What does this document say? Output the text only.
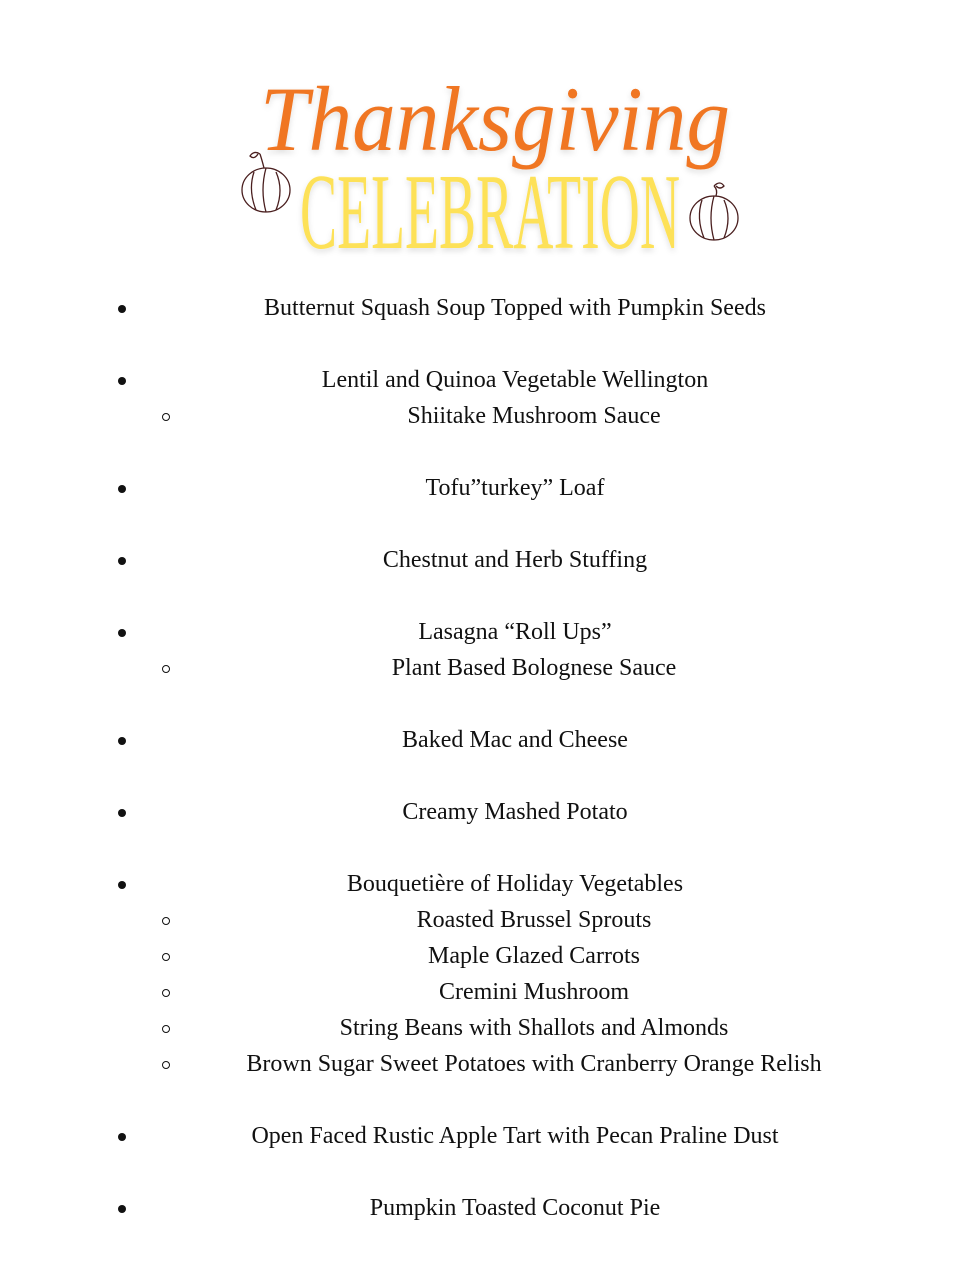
CELEBRATION
Thanksgiving
Butternut Squash Soup Topped with Pumpkin Seeds
Lentil and Quinoa Vegetable Wellington
Shiitake Mushroom Sauce
Tofu”turkey” Loaf
Chestnut and Herb Stuffing
Lasagna “Roll Ups”
Plant Based Bolognese Sauce
Baked Mac and Cheese
Creamy Mashed Potato
Bouquetière of Holiday Vegetables
Roasted Brussel Sprouts
Maple Glazed Carrots
Cremini Mushroom
String Beans with Shallots and Almonds
Brown Sugar Sweet Potatoes with Cranberry Orange Relish
Open Faced Rustic Apple Tart with Pecan Praline Dust
Pumpkin Toasted Coconut Pie
